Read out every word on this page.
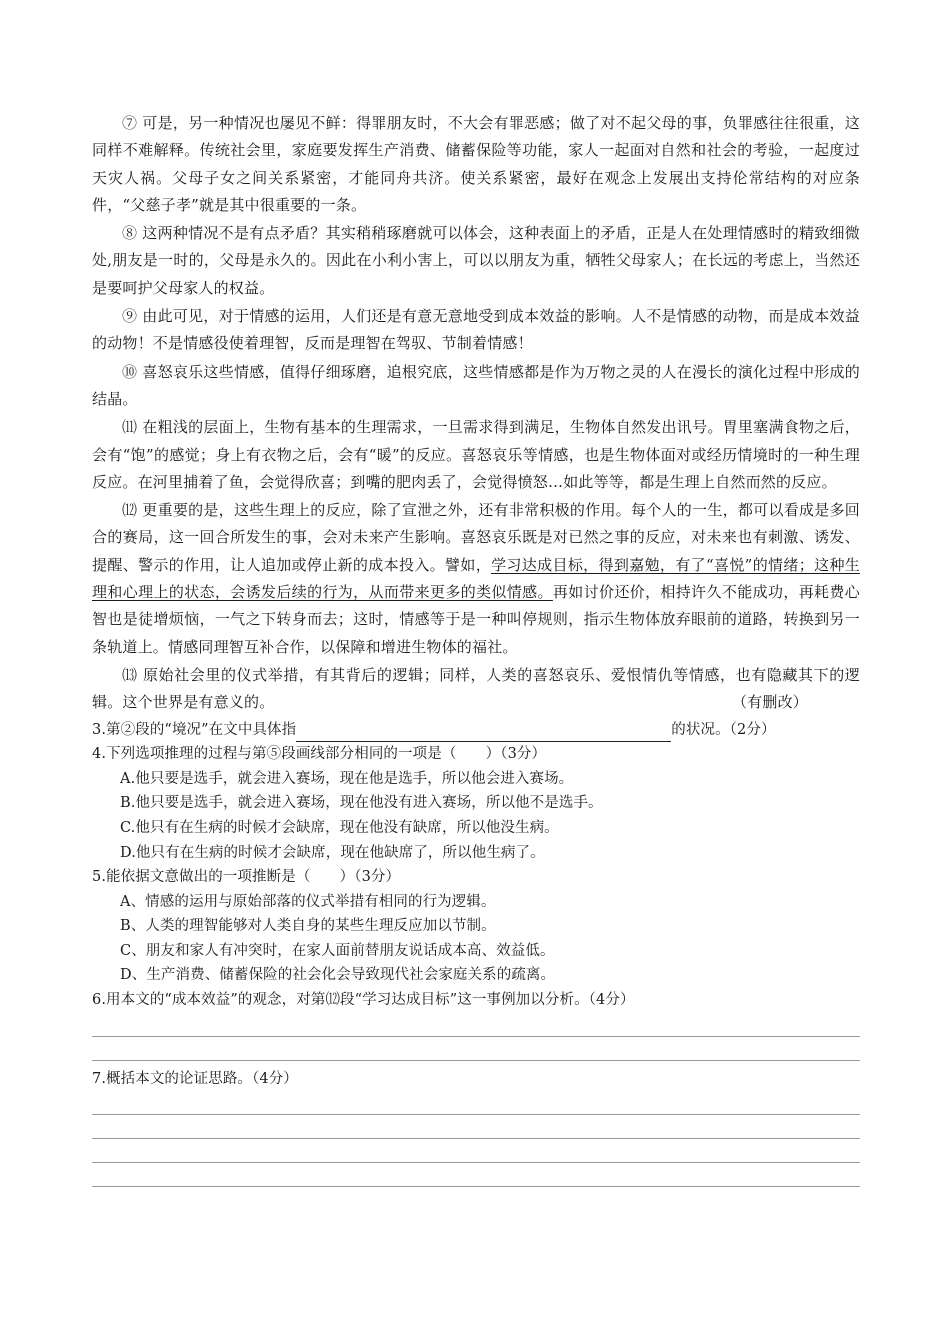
⑦ 可是，另一种情况也屡见不鲜：得罪朋友时，不大会有罪恶感；做了对不起父母的事，负罪感往往很重，这同样不难解释。传统社会里，家庭要发挥生产消费、储蓄保险等功能，家人一起面对自然和社会的考验，一起度过天灾人祸。父母子女之间关系紧密，才能同舟共济。使关系紧密，最好在观念上发展出支持伦常结构的对应条件，“父慈子孝”就是其中很重要的一条。

⑧ 这两种情况不是有点矛盾？其实稍稍琢磨就可以体会，这种表面上的矛盾，正是人在处理情感时的精致细微处,朋友是一时的，父母是永久的。因此在小利小害上，可以以朋友为重，牺牲父母家人；在长远的考虑上，当然还是要呵护父母家人的权益。

⑨ 由此可见，对于情感的运用，人们还是有意无意地受到成本效益的影响。人不是情感的动物，而是成本效益的动物！不是情感役使着理智，反而是理智在驾驭、节制着情感！

⑩ 喜怒哀乐这些情感，值得仔细琢磨，追根究底，这些情感都是作为万物之灵的人在漫长的演化过程中形成的结晶。

⑾ 在粗浅的层面上，生物有基本的生理需求，一旦需求得到满足，生物体自然发出讯号。胃里塞满食物之后，会有“饱”的感觉；身上有衣物之后，会有“暖”的反应。喜怒哀乐等情感，也是生物体面对或经历情境时的一种生理反应。在河里捕着了鱼，会觉得欣喜；到嘴的肥肉丢了，会觉得愤怒…如此等等，都是生理上自然而然的反应。

⑿ 更重要的是，这些生理上的反应，除了宣泄之外，还有非常积极的作用。每个人的一生，都可以看成是多回合的赛局，这一回合所发生的事，会对未来产生影响。喜怒哀乐既是对已然之事的反应，对未来也有刺激、诱发、提醒、警示的作用，让人追加或停止新的成本投入。譬如，学习达成目标，得到嘉勉，有了“喜悦”的情绪；这种生理和心理上的状态，会诱发后续的行为，从而带来更多的类似情感。再如讨价还价，相持许久不能成功，再耗费心智也是徒增烦恼，一气之下转身而去；这时，情感等于是一种叫停规则，指示生物体放弃眼前的道路，转换到另一条轨道上。情感同理智互补合作，以保障和增进生物体的福社。

⒀ 原始社会里的仪式举措，有其背后的逻辑；同样，人类的喜怒哀乐、爱恨情仇等情感，也有隐藏其下的逻辑。这个世界是有意义的。	（有删改）

3.第②段的“境况”在文中具体指	的状况。（2分）

4.下列选项推理的过程与第⑤段画线部分相同的一项是（　　）（3分）

A.他只要是选手，就会进入赛场，现在他是选手，所以他会进入赛场。

B.他只要是选手，就会进入赛场，现在他没有进入赛场，所以他不是选手。

C.他只有在生病的时候才会缺席，现在他没有缺席，所以他没生病。

D.他只有在生病的时候才会缺席，现在他缺席了，所以他生病了。

5.能依据文意做出的一项推断是（　　）（3分）

A、情感的运用与原始部落的仪式举措有相同的行为逻辑。

B、人类的理智能够对人类自身的某些生理反应加以节制。

C、朋友和家人有冲突时，在家人面前替朋友说话成本高、效益低。

D、生产消费、储蓄保险的社会化会导致现代社会家庭关系的疏离。

6.用本文的“成本效益”的观念，对第⑿段“学习达成目标”这一事例加以分析。（4分）

7.概括本文的论证思路。（4分）
